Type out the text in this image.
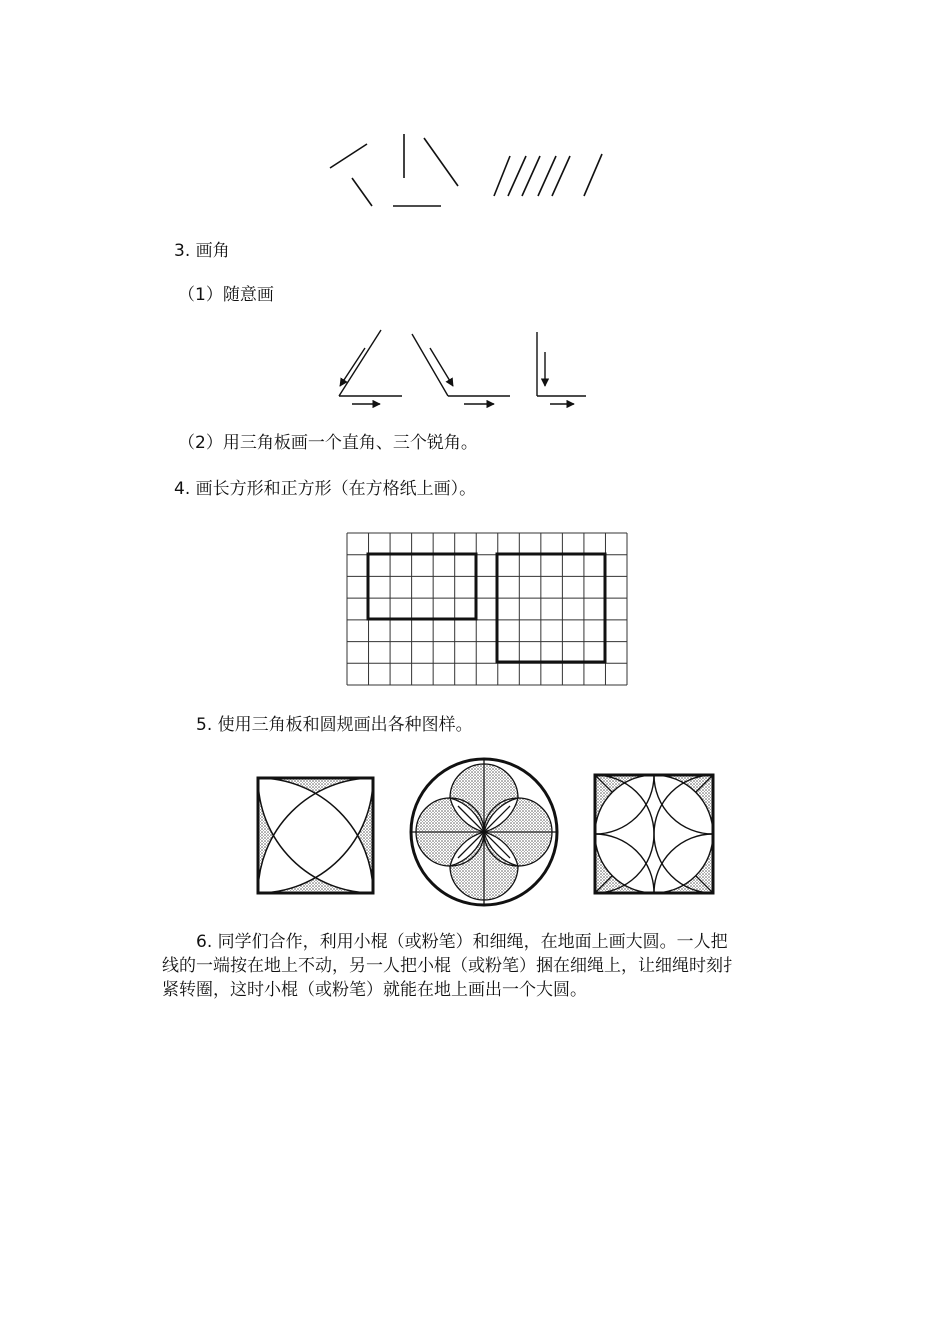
3. 画角
（1）随意画
（2）用三角板画一个直角、三个锐角。
4. 画长方形和正方形（在方格纸上画）。
5. 使用三角板和圆规画出各种图样。
6. 同学们合作，利用小棍（或粉笔）和细绳，在地面上画大圆。一人把
线的一端按在地上不动，另一人把小棍（或粉笔）捆在细绳上，让细绳时刻扌
紧转圈，这时小棍（或粉笔）就能在地上画出一个大圆。
